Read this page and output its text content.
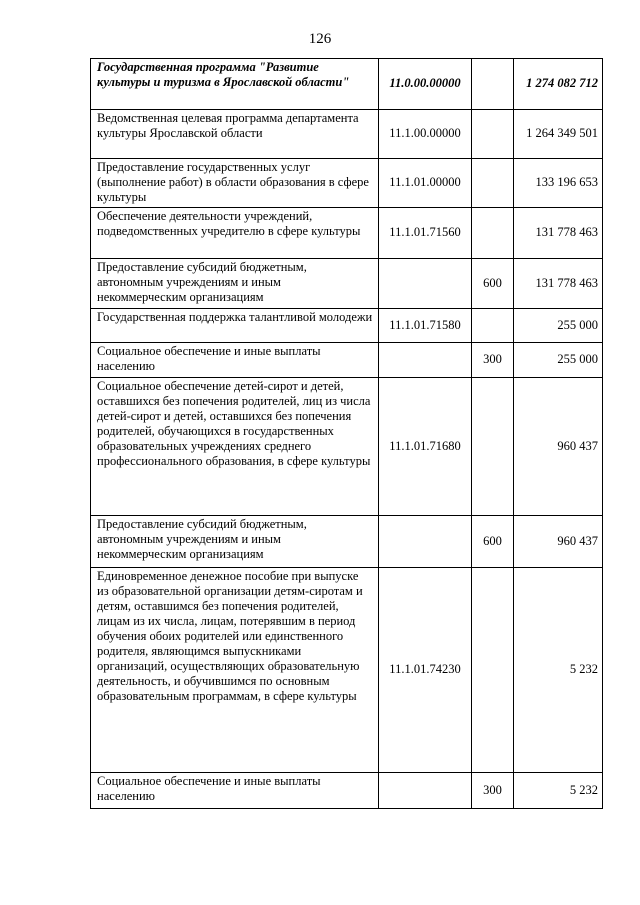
126
Государственная программа "Развитие культуры и туризма в Ярославской области"	11.0.00.00000		1 274 082 712

Ведомственная целевая программа департамента культуры Ярославской области	11.1.00.00000		1 264 349 501

Предоставление государственных услуг (выполнение работ) в области образования в сфере культуры	11.1.01.00000		133 196 653

Обеспечение деятельности учреждений, подведомственных учредителю в сфере культуры	11.1.01.71560		131 778 463

Предоставление субсидий бюджетным, автономным учреждениям и иным некоммерческим организациям		600	131 778 463

Государственная поддержка талантливой молодежи	11.1.01.71580		255 000

Социальное обеспечение и иные выплаты населению		300	255 000

Социальное обеспечение детей-сирот и детей, оставшихся без попечения родителей, лиц из числа детей-сирот и детей, оставшихся без попечения родителей, обучающихся в государственных образовательных учреждениях среднего профессионального образования, в сфере культуры	11.1.01.71680		960 437

Предоставление субсидий бюджетным, автономным учреждениям и иным некоммерческим организациям		600	960 437

Единовременное денежное пособие при выпуске из образовательной организации детям-сиротам и детям, оставшимся без попечения родителей, лицам из их числа, лицам, потерявшим в период обучения обоих родителей или единственного родителя, являющимся выпускниками организаций, осуществляющих образовательную деятельность, и обучившимся по основным образовательным программам, в сфере культуры	11.1.01.74230		5 232

Социальное обеспечение и иные выплаты населению		300	5 232
